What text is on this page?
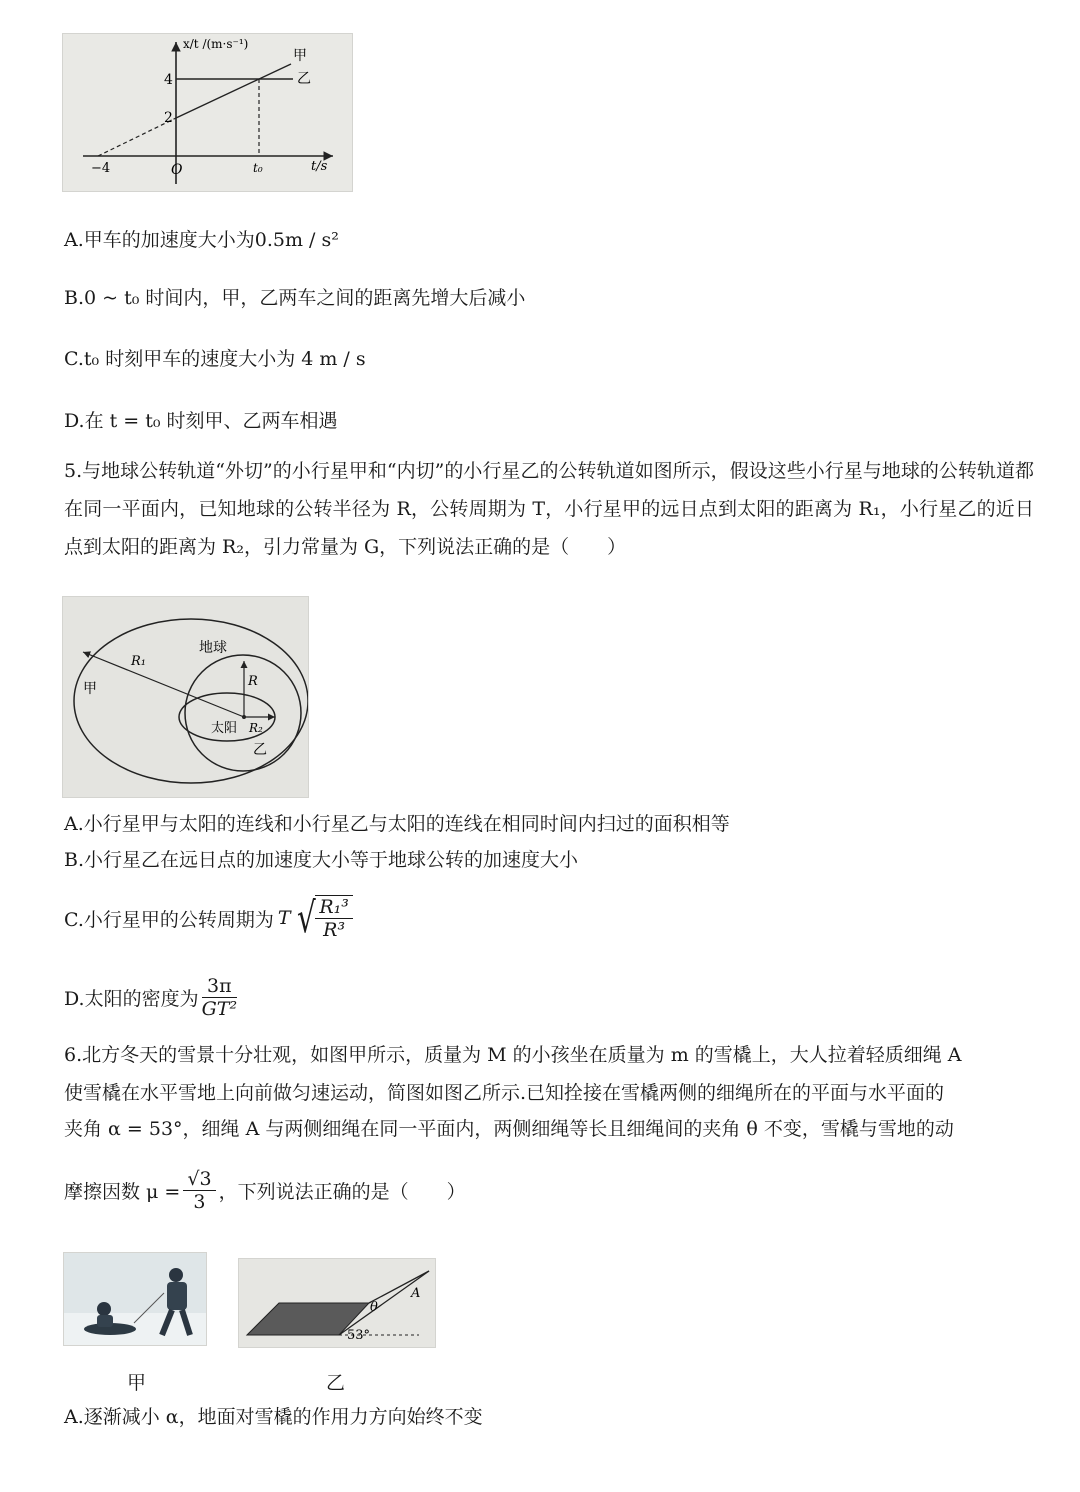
x/t /(m·s⁻¹)
t/s
O
4
2
−4	t₀
甲
乙
A.甲车的加速度大小为0.5m / s²
B.0 ~ t₀ 时间内，甲，乙两车之间的距离先增大后减小
C.t₀ 时刻甲车的速度大小为 4 m / s
D.在 t = t₀ 时刻甲、乙两车相遇
5.与地球公转轨道“外切”的小行星甲和“内切”的小行星乙的公转轨道如图所示，假设这些小行星与地球的公转轨道都在同一平面内，已知地球的公转半径为 R，公转周期为 T，小行星甲的远日点到太阳的距离为 R₁，小行星乙的近日点到太阳的距离为 R₂，引力常量为 G，下列说法正确的是（　　）
R₁
地球
R
甲
太阳 R₂
乙
A.小行星甲与太阳的连线和小行星乙与太阳的连线在相同时间内扫过的面积相等
B.小行星乙在远日点的加速度大小等于地球公转的加速度大小
C.小行星甲的公转周期为 T √ $\frac{\text{R₁³}}{\text{R³}}$
D.太阳的密度为 $\frac{3\pi}{\text{GT²}}$
6.北方冬天的雪景十分壮观，如图甲所示，质量为 M 的小孩坐在质量为 m 的雪橇上，大人拉着轻质细绳 A
使雪橇在水平雪地上向前做匀速运动，简图如图乙所示.已知拴接在雪橇两侧的细绳所在的平面与水平面的
夹角 α = 53°，细绳 A 与两侧细绳在同一平面内，两侧细绳等长且细绳间的夹角 θ 不变，雪橇与雪地的动
摩擦因数 $\mu = \frac{√3}{3}$ ，下列说法正确的是（　　）
θ
A
53°
甲	乙
A.逐渐减小 α，地面对雪橇的作用力方向始终不变
